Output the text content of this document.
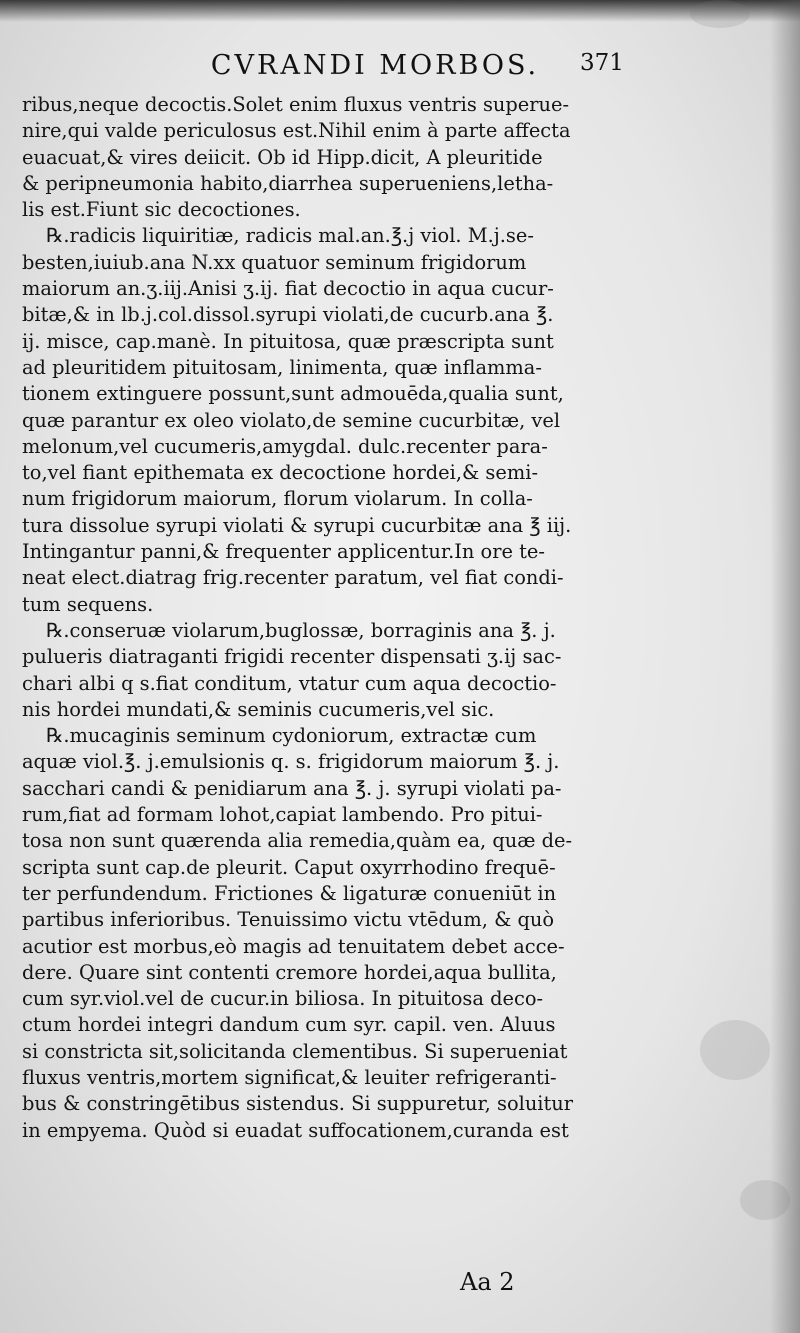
CVRANDI MORBOS.	371
ribus,neque decoctis.Solet enim fluxus ventris superue-
nire,qui valde periculosus est.Nihil enim à parte affecta
euacuat,& vires deiicit. Ob id Hipp.dicit, A pleuritide
& peripneumonia habito,diarrhea superueniens,letha-
lis est.Fiunt sic decoctiones.
℞.radicis liquiritiæ, radicis mal.an.℥.j viol. M.j.se-
besten,iuiub.ana N.xx quatuor seminum frigidorum
maiorum an.ʒ.iij.Anisi ʒ.ij. fiat decoctio in aqua cucur-
bitæ,& in lb.j.col.dissol.syrupi violati,de cucurb.ana ℥.
ij. misce, cap.manè. In pituitosa, quæ præscripta sunt
ad pleuritidem pituitosam, linimenta, quæ inflamma-
tionem extinguere possunt,sunt admouēda,qualia sunt,
quæ parantur ex oleo violato,de semine cucurbitæ, vel
melonum,vel cucumeris,amygdal. dulc.recenter para-
to,vel fiant epithemata ex decoctione hordei,& semi-
num frigidorum maiorum, florum violarum. In colla-
tura dissolue syrupi violati & syrupi cucurbitæ ana ℥ iij.
Intingantur panni,& frequenter applicentur.In ore te-
neat elect.diatrag frig.recenter paratum, vel fiat condi-
tum sequens.
℞.conseruæ violarum,buglossæ, borraginis ana ℥. j.
pulueris diatraganti frigidi recenter dispensati ʒ.ij sac-
chari albi q s.fiat conditum, vtatur cum aqua decoctio-
nis hordei mundati,& seminis cucumeris,vel sic.
℞.mucaginis seminum cydoniorum, extractæ cum
aquæ viol.℥. j.emulsionis q. s. frigidorum maiorum ℥. j.
sacchari candi & penidiarum ana ℥. j. syrupi violati pa-
rum,fiat ad formam lohot,capiat lambendo. Pro pitui-
tosa non sunt quærenda alia remedia,quàm ea, quæ de-
scripta sunt cap.de pleurit. Caput oxyrrhodino frequē-
ter perfundendum. Frictiones & ligaturæ conueniūt in
partibus inferioribus. Tenuissimo victu vtēdum, & quò
acutior est morbus,eò magis ad tenuitatem debet acce-
dere. Quare sint contenti cremore hordei,aqua bullita,
cum syr.viol.vel de cucur.in biliosa. In pituitosa deco-
ctum hordei integri dandum cum syr. capil. ven. Aluus
si constricta sit,solicitanda clementibus. Si superueniat
fluxus ventris,mortem significat,& leuiter refrigeranti-
bus & constringētibus sistendus. Si suppuretur, soluitur
in empyema. Quòd si euadat suffocationem,curanda est
Aa 2
